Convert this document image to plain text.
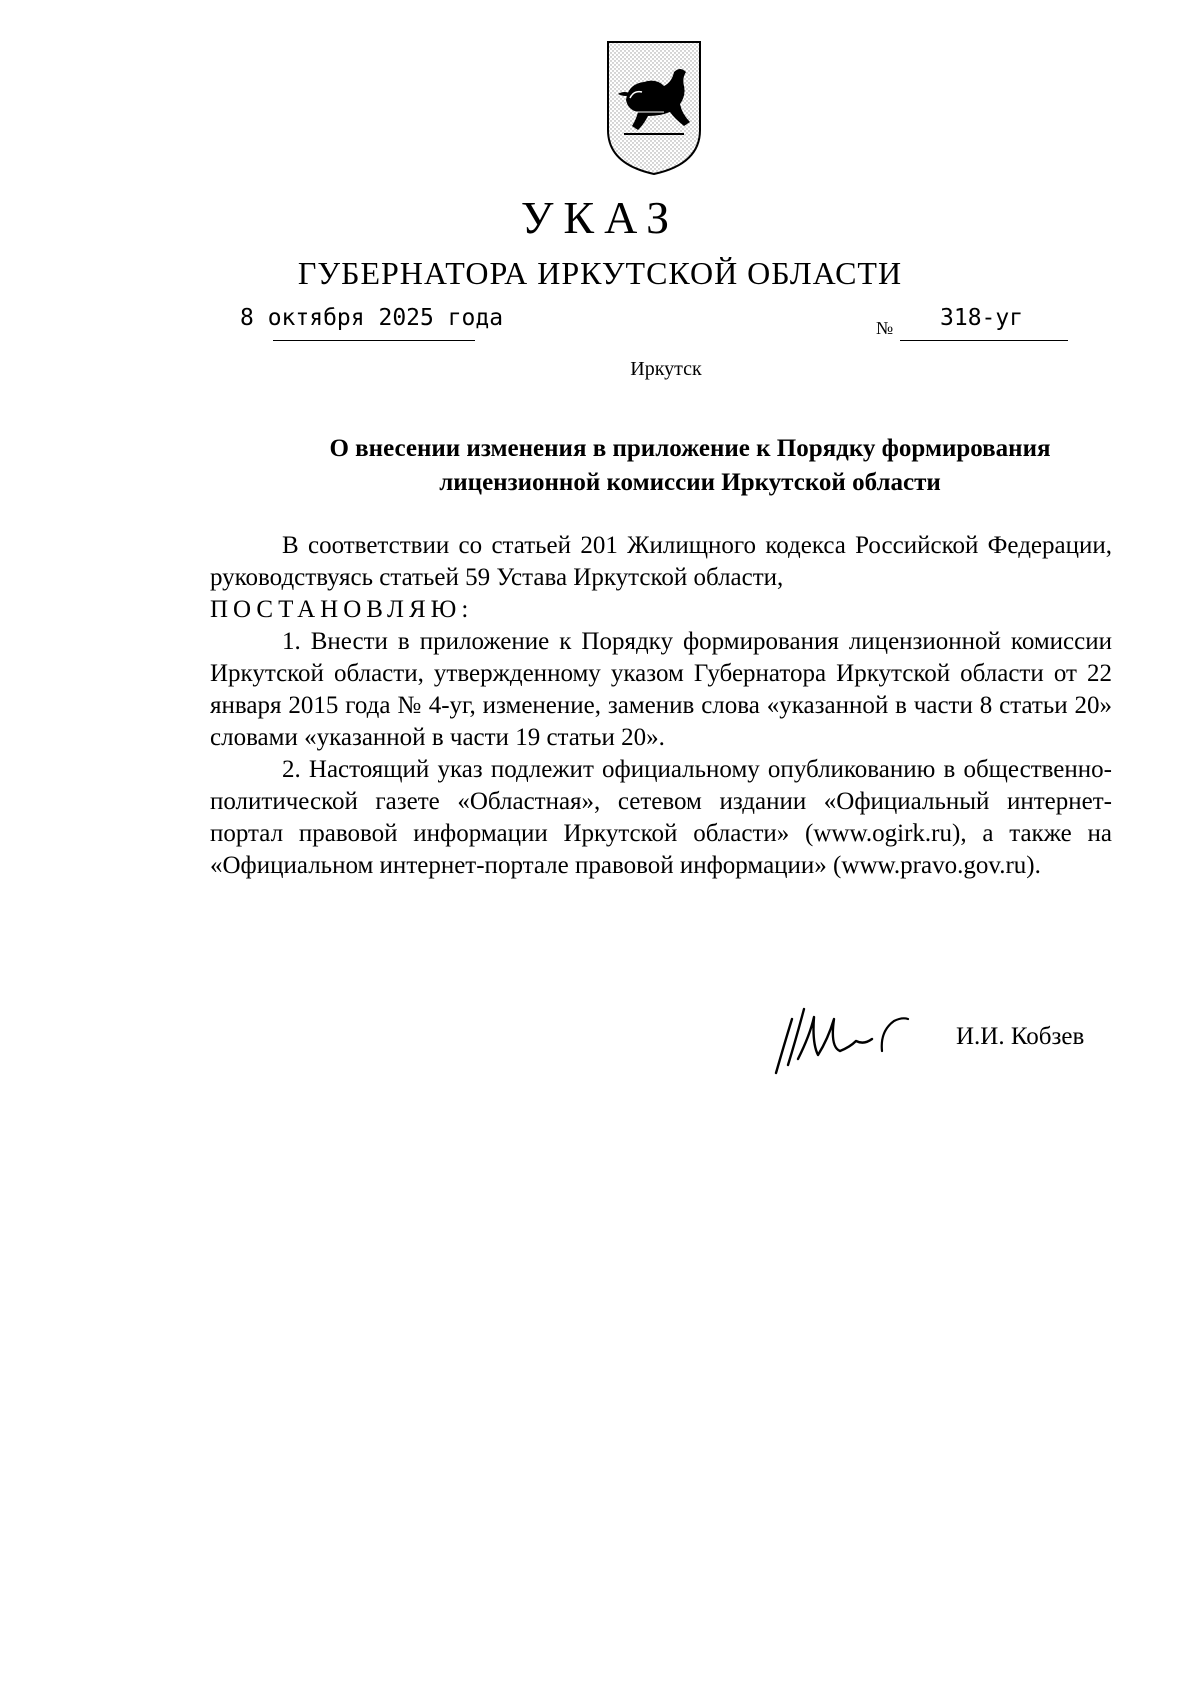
УКАЗ
ГУБЕРНАТОРА ИРКУТСКОЙ ОБЛАСТИ
8 октября 2025 года	№ 318-уг
Иркутск
О внесении изменения в приложение к Порядку формирования
лицензионной комиссии Иркутской области

В соответствии со статьей 201 Жилищного кодекса Российской Федерации, руководствуясь статьей 59 Устава Иркутской области,

ПОСТАНОВЛЯЮ:

1. Внести в приложение к Порядку формирования лицензионной комиссии Иркутской области, утвержденному указом Губернатора Иркутской области от 22 января 2015 года № 4-уг, изменение, заменив слова «указанной в части 8 статьи 20» словами «указанной в части 19 статьи 20».

2. Настоящий указ подлежит официальному опубликованию в общественно-политической газете «Областная», сетевом издании «Официальный интернет-портал правовой информации Иркутской области» (www.ogirk.ru), а также на «Официальном интернет-портале правовой информации» (www.pravo.gov.ru).

И.И. Кобзев
